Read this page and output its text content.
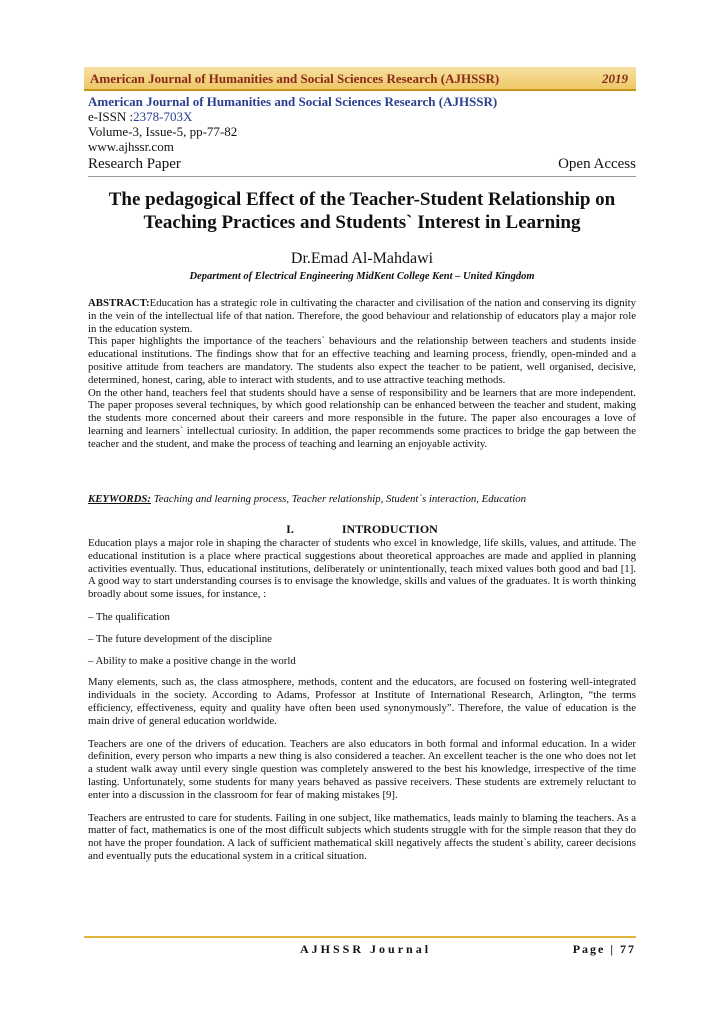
American Journal of Humanities and Social Sciences Research (AJHSSR)	2019
American Journal of Humanities and Social Sciences Research (AJHSSR)
e-ISSN :2378-703X
Volume-3, Issue-5, pp-77-82
www.ajhssr.com
Research Paper	Open Access
The pedagogical Effect of the Teacher-Student Relationship on
Teaching Practices and Students` Interest in Learning
Dr.Emad Al-Mahdawi
Department of Electrical Engineering MidKent College Kent – United Kingdom

ABSTRACT:Education has a strategic role in cultivating the character and civilisation of the nation and conserving its dignity in the vein of the intellectual life of that nation. Therefore, the good behaviour and relationship of educators play a major role in the education system.

This paper highlights the importance of the teachers` behaviours and the relationship between teachers and students inside educational institutions. The findings show that for an effective teaching and learning process, friendly, open-minded and a positive attitude from teachers are mandatory. The students also expect the teacher to be patient, well organised, decisive, determined, honest, caring, able to interact with students, and to use attractive teaching methods.

On the other hand, teachers feel that students should have a sense of responsibility and be learners that are more independent. The paper proposes several techniques, by which good relationship can be enhanced between the teacher and student, making the students more concerned about their careers and more responsible in the future. The paper also encourages a love of learning and learners` intellectual curiosity. In addition, the paper recommends some practices to bridge the gap between the teacher and the student, and make the process of teaching and learning an enjoyable activity.

KEYWORDS: Teaching and learning process, Teacher relationship, Student`s interaction, Education
I.	INTRODUCTION

Education plays a major role in shaping the character of students who excel in knowledge, life skills, values, and attitude. The educational institution is a place where practical suggestions about theoretical approaches are made and applied in planning activities eventually. Thus, educational institutions, deliberately or unintentionally, teach mixed values both good and bad [1]. A good way to start understanding courses is to envisage the knowledge, skills and values of the graduates. It is worth thinking broadly about some issues, for instance, :

– The qualification

– The future development of the discipline

– Ability to make a positive change in the world

Many elements, such as, the class atmosphere, methods, content and the educators, are focused on fostering well-integrated individuals in the society. According to Adams, Professor at Institute of International Research, Arlington, “the terms efficiency, effectiveness, equity and quality have often been used synonymously”. Therefore, the value of education is the main drive of general education worldwide.

Teachers are one of the drivers of education. Teachers are also educators in both formal and informal education. In a wider definition, every person who imparts a new thing is also considered a teacher. An excellent teacher is the one who does not let a student walk away until every single question was completely answered to the best his knowledge, irrespective of the time lasting. Unfortunately, some students for many years behaved as passive receivers. These students are extremely reluctant to enter into a discussion in the classroom for fear of making mistakes [9].

Teachers are entrusted to care for students. Failing in one subject, like mathematics, leads mainly to blaming the teachers. As a matter of fact, mathematics is one of the most difficult subjects which students struggle with for the simple reason that they do not have the proper foundation. A lack of sufficient mathematical skill negatively affects the student`s ability, career decisions and eventually puts the educational system in a critical situation.

AJHSSR Journal	Page | 77
